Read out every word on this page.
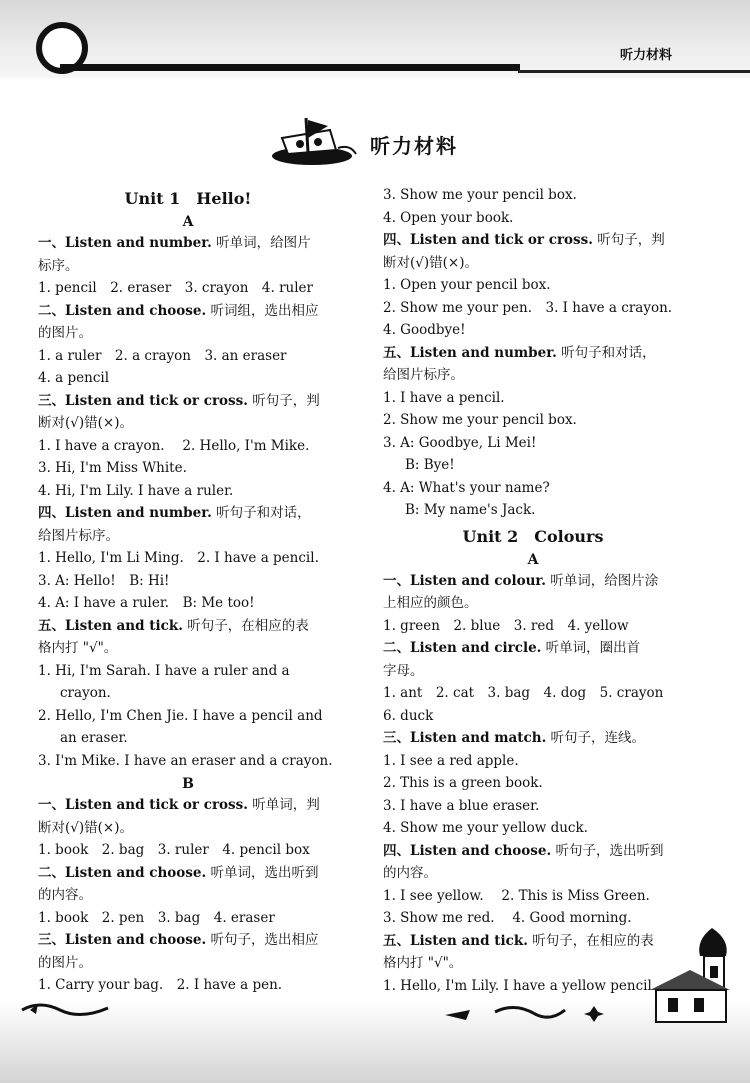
听力材料
听力材料
Unit 1　Hello!
A
一、Listen and number. 听单词，给图片
标序。
1. pencil　2. eraser　3. crayon　4. ruler
二、Listen and choose. 听词组，选出相应
的图片。
1. a ruler　2. a crayon　3. an eraser
4. a pencil
三、Listen and tick or cross. 听句子，判
断对(√)错(×)。
1. I have a crayon.　 2. Hello, I'm Mike.
3. Hi, I'm Miss White.
4. Hi, I'm Lily. I have a ruler.
四、Listen and number. 听句子和对话，
给图片标序。
1. Hello, I'm Li Ming.　2. I have a pencil.
3. A: Hello!　B: Hi!
4. A: I have a ruler.　B: Me too!
五、Listen and tick. 听句子，在相应的表
格内打 "√"。
1. Hi, I'm Sarah. I have a ruler and a
crayon.
2. Hello, I'm Chen Jie. I have a pencil and
an eraser.
3. I'm Mike. I have an eraser and a crayon.
B
一、Listen and tick or cross. 听单词，判
断对(√)错(×)。
1. book　2. bag　3. ruler　4. pencil box
二、Listen and choose. 听单词，选出听到
的内容。
1. book　2. pen　3. bag　4. eraser
三、Listen and choose. 听句子，选出相应
的图片。
1. Carry your bag.　2. I have a pen.
3. Show me your pencil box.
4. Open your book.
四、Listen and tick or cross. 听句子，判
断对(√)错(×)。
1. Open your pencil box.
2. Show me your pen.　3. I have a crayon.
4. Goodbye!
五、Listen and number. 听句子和对话，
给图片标序。
1. I have a pencil.
2. Show me your pencil box.
3. A: Goodbye, Li Mei!
B: Bye!
4. A: What's your name?
B: My name's Jack.
Unit 2　Colours
A
一、Listen and colour. 听单词，给图片涂
上相应的颜色。
1. green　2. blue　3. red　4. yellow
二、Listen and circle. 听单词，圈出首
字母。
1. ant　2. cat　3. bag　4. dog　5. crayon
6. duck
三、Listen and match. 听句子，连线。
1. I see a red apple.
2. This is a green book.
3. I have a blue eraser.
4. Show me your yellow duck.
四、Listen and choose. 听句子，选出听到
的内容。
1. I see yellow.　 2. This is Miss Green.
3. Show me red.　 4. Good morning.
五、Listen and tick. 听句子，在相应的表
格内打 "√"。
1. Hello, I'm Lily. I have a yellow pencil.
